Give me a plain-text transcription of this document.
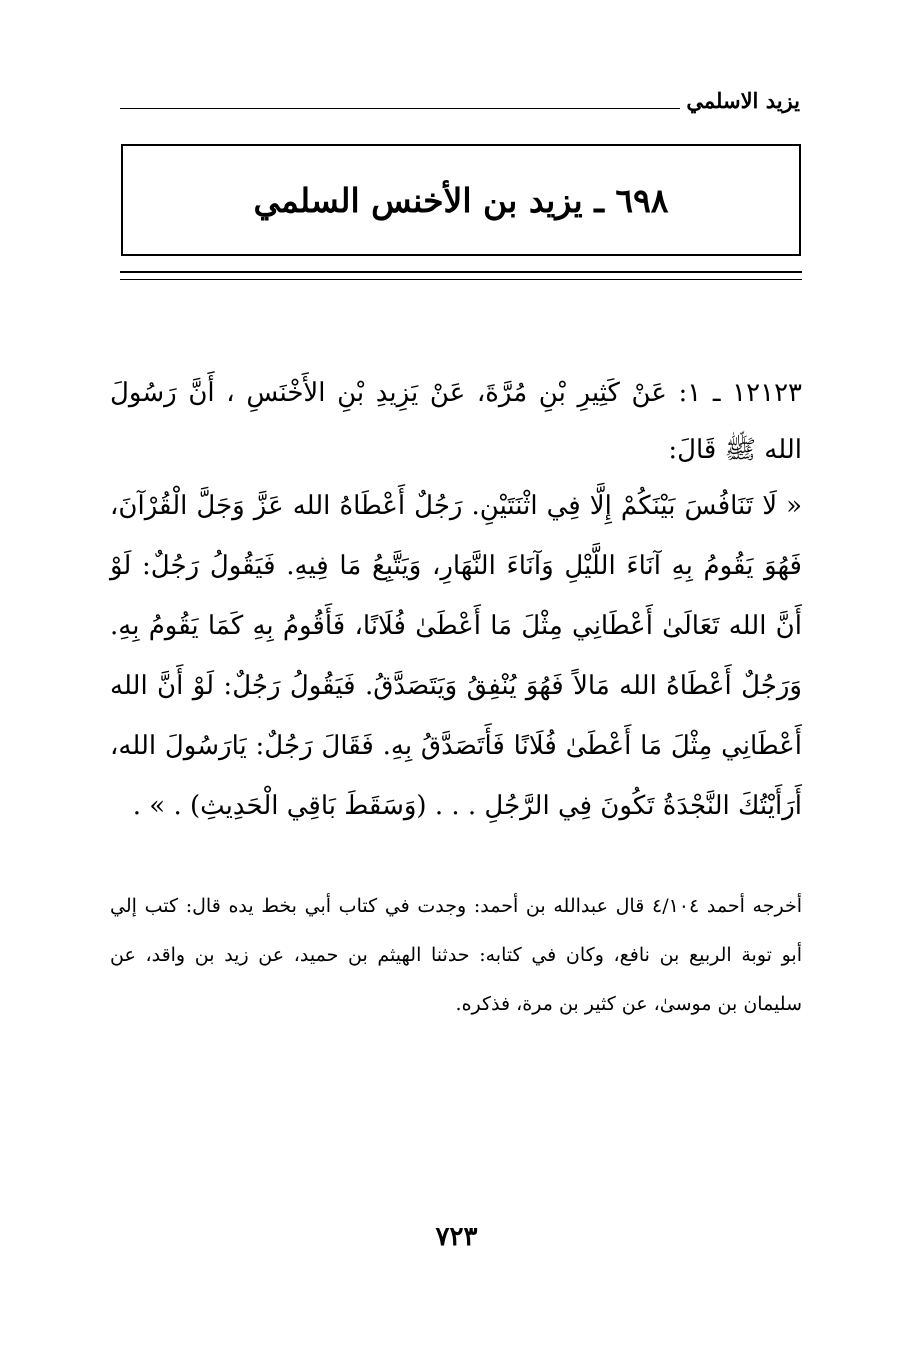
يزيد الاسلمي
٦٩٨ ـ يزيد بن الأخنس السلمي

١٢١٢٣ ـ ١: عَنْ كَثِيرِ بْنِ مُرَّةَ، عَنْ يَزِيدِ بْنِ الأَخْنَسِ ، أَنَّ رَسُولَ الله ﷺ قَالَ:

« لَا تَنَافُسَ بَيْنَكُمْ إِلَّا فِي اثْنَتَيْنِ. رَجُلٌ أَعْطَاهُ الله عَزَّ وَجَلَّ الْقُرْآنَ، فَهُوَ يَقُومُ بِهِ آنَاءَ اللَّيْلِ وَآنَاءَ النَّهَارِ، وَيَتَّبِعُ مَا فِيهِ. فَيَقُولُ رَجُلٌ: لَوْ أَنَّ الله تَعَالَىٰ أَعْطَانِي مِثْلَ مَا أَعْطَىٰ فُلَانًا، فَأَقُومُ بِهِ كَمَا يَقُومُ بِهِ. وَرَجُلٌ أَعْطَاهُ الله مَالاً فَهُوَ يُنْفِقُ وَيَتَصَدَّقُ. فَيَقُولُ رَجُلٌ: لَوْ أَنَّ الله أَعْطَانِي مِثْلَ مَا أَعْطَىٰ فُلَانًا فَأَتَصَدَّقُ بِهِ. فَقَالَ رَجُلٌ: يَارَسُولَ الله، أَرَأَيْتُكَ النَّجْدَةُ تَكُونَ فِي الرَّجُلِ . . . (وَسَقَطَ بَاقِي الْحَدِيثِ) . » .

أخرجه أحمد ٤/١٠٤ قال عبدالله بن أحمد: وجدت في كتاب أبي بخط يده قال: كتب إلي أبو توبة الربيع بن نافع، وكان في كتابه: حدثنا الهيثم بن حميد، عن زيد بن واقد، عن سليمان بن موسىٰ، عن كثير بن مرة، فذكره.

٧٢٣
